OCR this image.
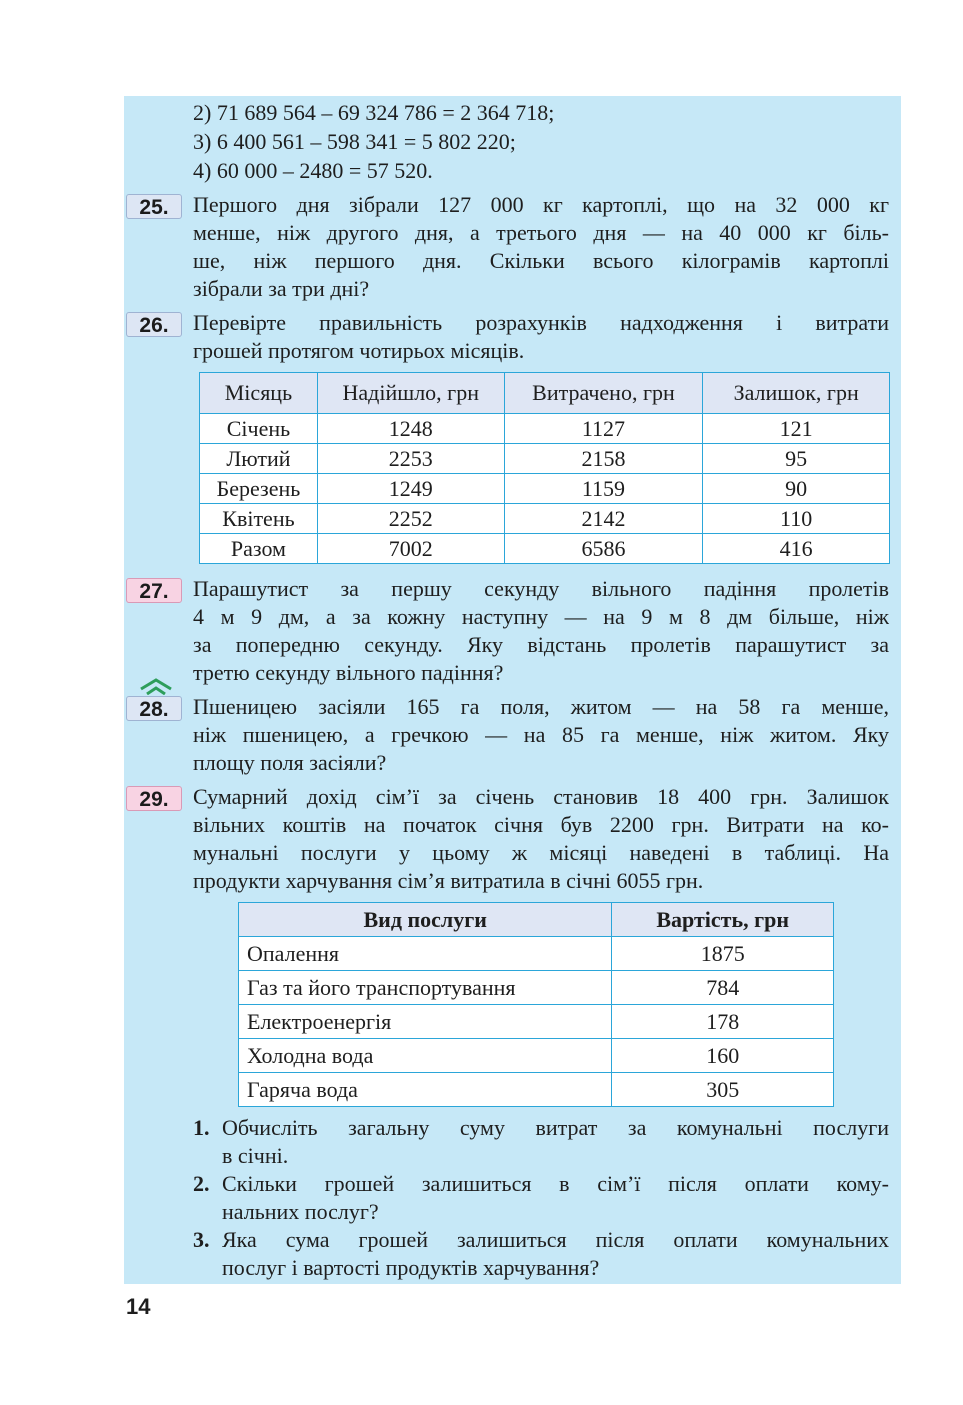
2) 71 689 564 – 69 324 786 = 2 364 718;
3) 6 400 561 – 598 341 = 5 802 220;
4) 60 000 – 2480 = 57 520.
25.	Першого дня зібрали 127 000 кг картоплі, що на 32 000 кг
менше, ніж другого дня, а третього дня — на 40 000 кг біль-
ше, ніж першого дня. Скільки всього кілограмів картоплі
зібрали за три дні?
26.	Перевірте правильність розрахунків надходження і витрати
грошей протягом чотирьох місяців.
Місяць	Надійшло, грн	Витрачено, грн	Залишок, грн
Січень	1248	1127	121
Лютий	2253	2158	95
Березень	1249	1159	90
Квітень	2252	2142	110
Разом	7002	6586	416
27.	Парашутист за першу секунду вільного падіння пролетів
4 м 9 дм, а за кожну наступну — на 9 м 8 дм більше, ніж
за попередню секунду. Яку відстань пролетів парашутист за
третю секунду вільного падіння?
28.	Пшеницею засіяли 165 га поля, житом — на 58 га менше,
ніж пшеницею, а гречкою — на 85 га менше, ніж житом. Яку
площу поля засіяли?
29.	Сумарний дохід сім’ї за січень становив 18 400 грн. Залишок
вільних коштів на початок січня був 2200 грн. Витрати на ко-
мунальні послуги у цьому ж місяці наведені в таблиці. На
продукти харчування сім’я витратила в січні 6055 грн.
Вид послуги	Вартість, грн
Опалення	1875
Газ та його транспортування	784
Електроенергія	178
Холодна вода	160
Гаряча вода	305
1. Обчисліть загальну суму витрат за комунальні послуги
в січні.
2. Скільки грошей залишиться в сім’ї після оплати кому-
нальних послуг?
3. Яка сума грошей залишиться після оплати комунальних
послуг і вартості продуктів харчування?
14
